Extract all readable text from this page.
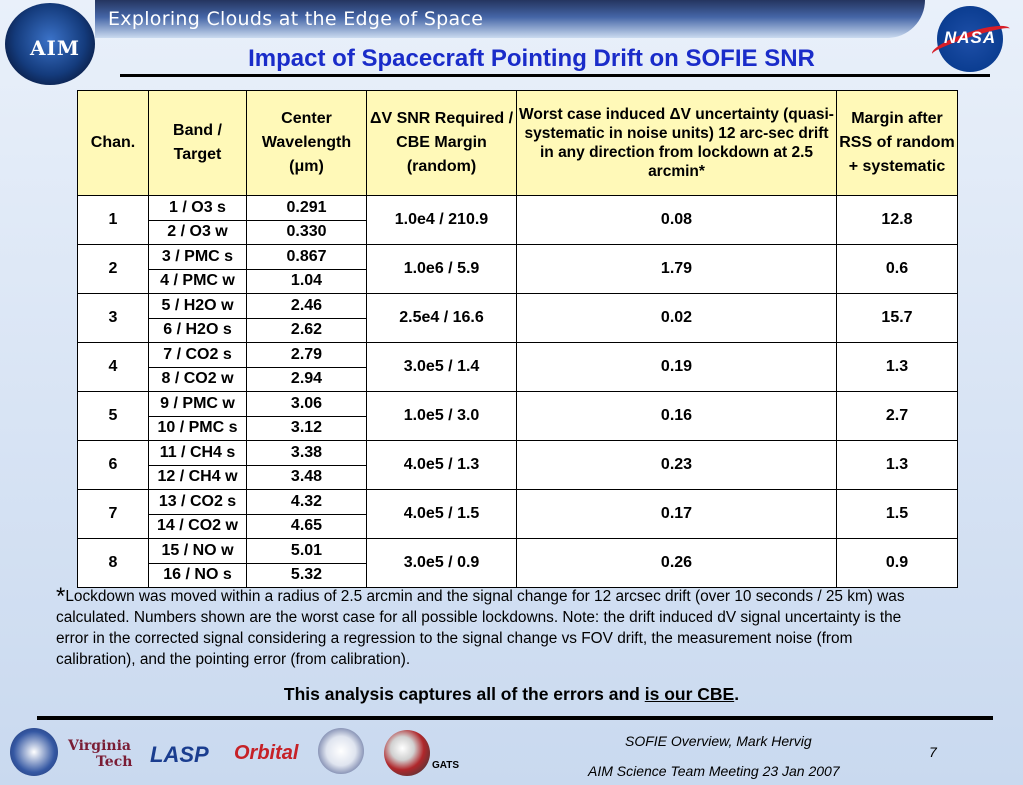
Exploring Clouds at the Edge of Space
AIM	NASA
Impact of Spacecraft Pointing Drift on SOFIE SNR
Chan.	Band / Target	Center Wavelength (μm)	ΔV SNR Required / CBE Margin (random)	Worst case induced ΔV uncertainty (quasi-systematic in noise units) 12 arc-sec drift in any direction from lockdown at 2.5 arcmin*	Margin after RSS of random + systematic
1	1 / O3 s	0.291	1.0e4 / 210.9	0.08	12.8
	2 / O3 w	0.330			
2	3 / PMC s	0.867	1.0e6 / 5.9	1.79	0.6
	4 / PMC w	1.04			
3	5 / H2O w	2.46	2.5e4 / 16.6	0.02	15.7
	6 / H2O s	2.62			
4	7 / CO2 s	2.79	3.0e5 / 1.4	0.19	1.3
	8 / CO2 w	2.94			
5	9 / PMC w	3.06	1.0e5 / 3.0	0.16	2.7
	10 / PMC s	3.12			
6	11 / CH4 s	3.38	4.0e5 / 1.3	0.23	1.3
	12 / CH4 w	3.48			
7	13 / CO2 s	4.32	4.0e5 / 1.5	0.17	1.5
	14 / CO2 w	4.65			
8	15 / NO w	5.01	3.0e5 / 0.9	0.26	0.9
	16 / NO s	5.32			
*Lockdown was moved within a radius of 2.5 arcmin and the signal change for 12 arcsec drift (over 10 seconds / 25 km) was calculated. Numbers shown are the worst case for all possible lockdowns. Note: the drift induced dV signal uncertainty is the error in the corrected signal considering a regression to the signal change vs FOV drift, the measurement noise (from calibration), and the pointing error (from calibration).
This analysis captures all of the errors and is our CBE.
Virginia
Tech LASP Orbital
GATS
SOFIE Overview, Mark Hervig
AIM Science Team Meeting 23 Jan 2007
7
